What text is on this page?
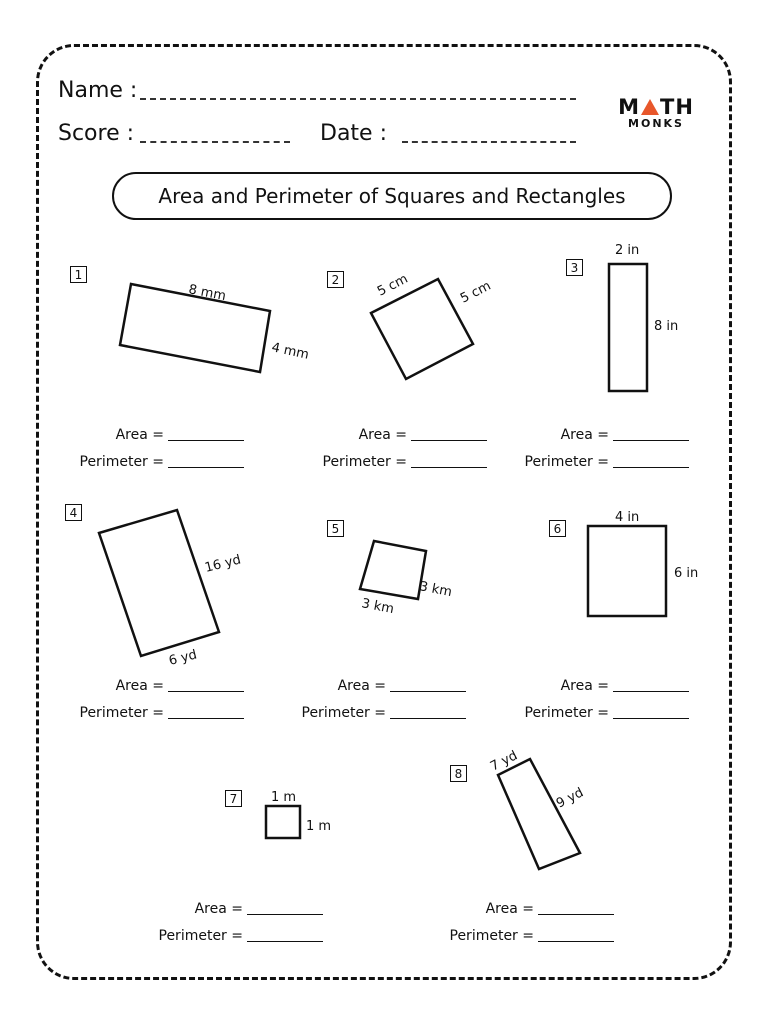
Name :
Score :	Date :
M TH
MONKS
Area and Perimeter of Squares and Rectangles
1	2
3
4
5	6
7
8
8 mm
4 mm
5 cm	5 cm
2 in
8 in
16 yd
6 yd
3 km
3 km
4 in
6 in
1 m
1 m
7 yd
9 yd
Area =
Perimeter =
Area =
Perimeter =
Area =
Perimeter =
Area =
Perimeter =
Area =
Perimeter =
Area =
Perimeter =
Area =
Perimeter =
Area =
Perimeter =
